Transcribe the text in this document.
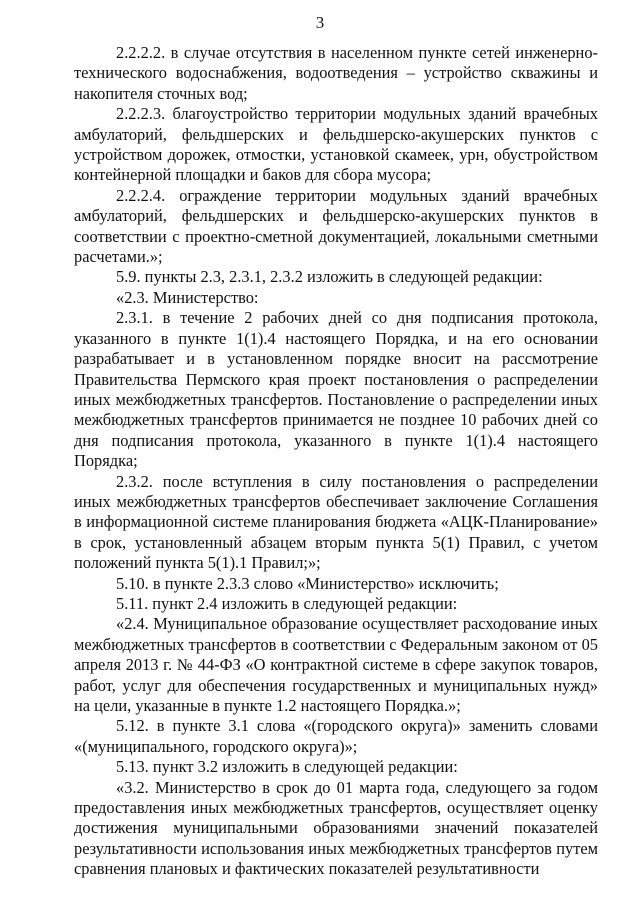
3

2.2.2.2. в случае отсутствия в населенном пункте сетей инженерно-технического водоснабжения, водоотведения – устройство скважины и накопителя сточных вод;

2.2.2.3. благоустройство территории модульных зданий врачебных амбулаторий, фельдшерских и фельдшерско-акушерских пунктов с устройством дорожек, отмостки, установкой скамеек, урн, обустройством контейнерной площадки и баков для сбора мусора;

2.2.2.4. ограждение территории модульных зданий врачебных амбулаторий, фельдшерских и фельдшерско-акушерских пунктов в соответствии с проектно-сметной документацией, локальными сметными расчетами.»;

5.9. пункты 2.3, 2.3.1, 2.3.2 изложить в следующей редакции:

«2.3. Министерство:

2.3.1. в течение 2 рабочих дней со дня подписания протокола, указанного в пункте 1(1).4 настоящего Порядка, и на его основании разрабатывает и в установленном порядке вносит на рассмотрение Правительства Пермского края проект постановления о распределении иных межбюджетных трансфертов. Постановление о распределении иных межбюджетных трансфертов принимается не позднее 10 рабочих дней со дня подписания протокола, указанного в пункте 1(1).4 настоящего Порядка;

2.3.2. после вступления в силу постановления о распределении иных межбюджетных трансфертов обеспечивает заключение Соглашения в информационной системе планирования бюджета «АЦК-Планирование» в срок, установленный абзацем вторым пункта 5(1) Правил, с учетом положений пункта 5(1).1 Правил;»;

5.10. в пункте 2.3.3 слово «Министерство» исключить;

5.11. пункт 2.4 изложить в следующей редакции:

«2.4. Муниципальное образование осуществляет расходование иных межбюджетных трансфертов в соответствии с Федеральным законом от 05 апреля 2013 г. № 44-ФЗ «О контрактной системе в сфере закупок товаров, работ, услуг для обеспечения государственных и муниципальных нужд» на цели, указанные в пункте 1.2 настоящего Порядка.»;

5.12. в пункте 3.1 слова «(городского округа)» заменить словами «(муниципального, городского округа)»;

5.13. пункт 3.2 изложить в следующей редакции:

«3.2. Министерство в срок до 01 марта года, следующего за годом предоставления иных межбюджетных трансфертов, осуществляет оценку достижения муниципальными образованиями значений показателей результативности использования иных межбюджетных трансфертов путем сравнения плановых и фактических показателей результативности
